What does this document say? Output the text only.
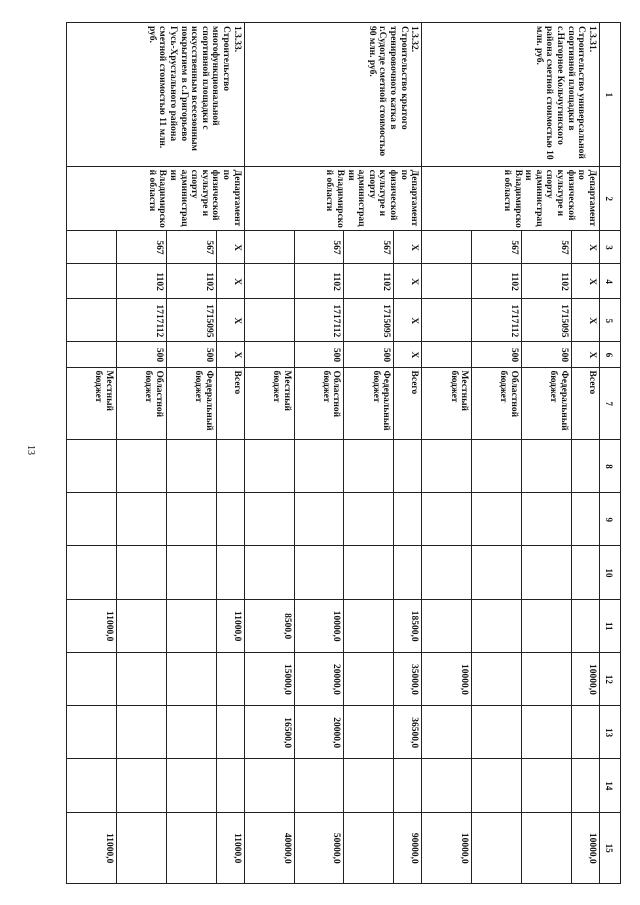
13
1	2	3	4	5	6	7	8	9	10	11	12	13	14	15

1.3.31.
Строительство универсальной спортивной площадки в с.Нагорное Кольчугинского района сметной стоимостью 10 млн. руб.	Департамент по физической культуре и спорту администрации Владимирской области	X	X	X	X	Всего					10000,0			10000,0
		567	1102	1715095	500	Федеральный бюджет								
		567	1102	1717112	500	Областной бюджет								
						Местный бюджет					10000,0			10000,0

1.3.32.
Строительство крытого тренировочного катка в г.Судогде сметной стоимостью 90 млн. руб.	Департамент по физической культуре и спорту администрации Владимирской области	X	X	X	X	Всего				18500,0	35000,0	36500,0		90000,0
		567	1102	1715095	500	Федеральный бюджет								
		567	1102	1717112	500	Областной бюджет				10000,0	20000,0	20000,0		50000,0
						Местный бюджет				8500,0	15000,0	16500,0		40000,0

1.3.33.
Строительство многофункциональной спортивной площадки с искусственным всесезонным покрытием в с.Григорьево Гусь-Хрустального района сметной стоимостью 11 млн. руб.	Департамент по физической культуре и спорту администрации Владимирской области	X	X	X	X	Всего				11000,0				11000,0
		567	1102	1715095	500	Федеральный бюджет								
		567	1102	1717112	500	Областной бюджет								
						Местный бюджет				11000,0				11000,0
